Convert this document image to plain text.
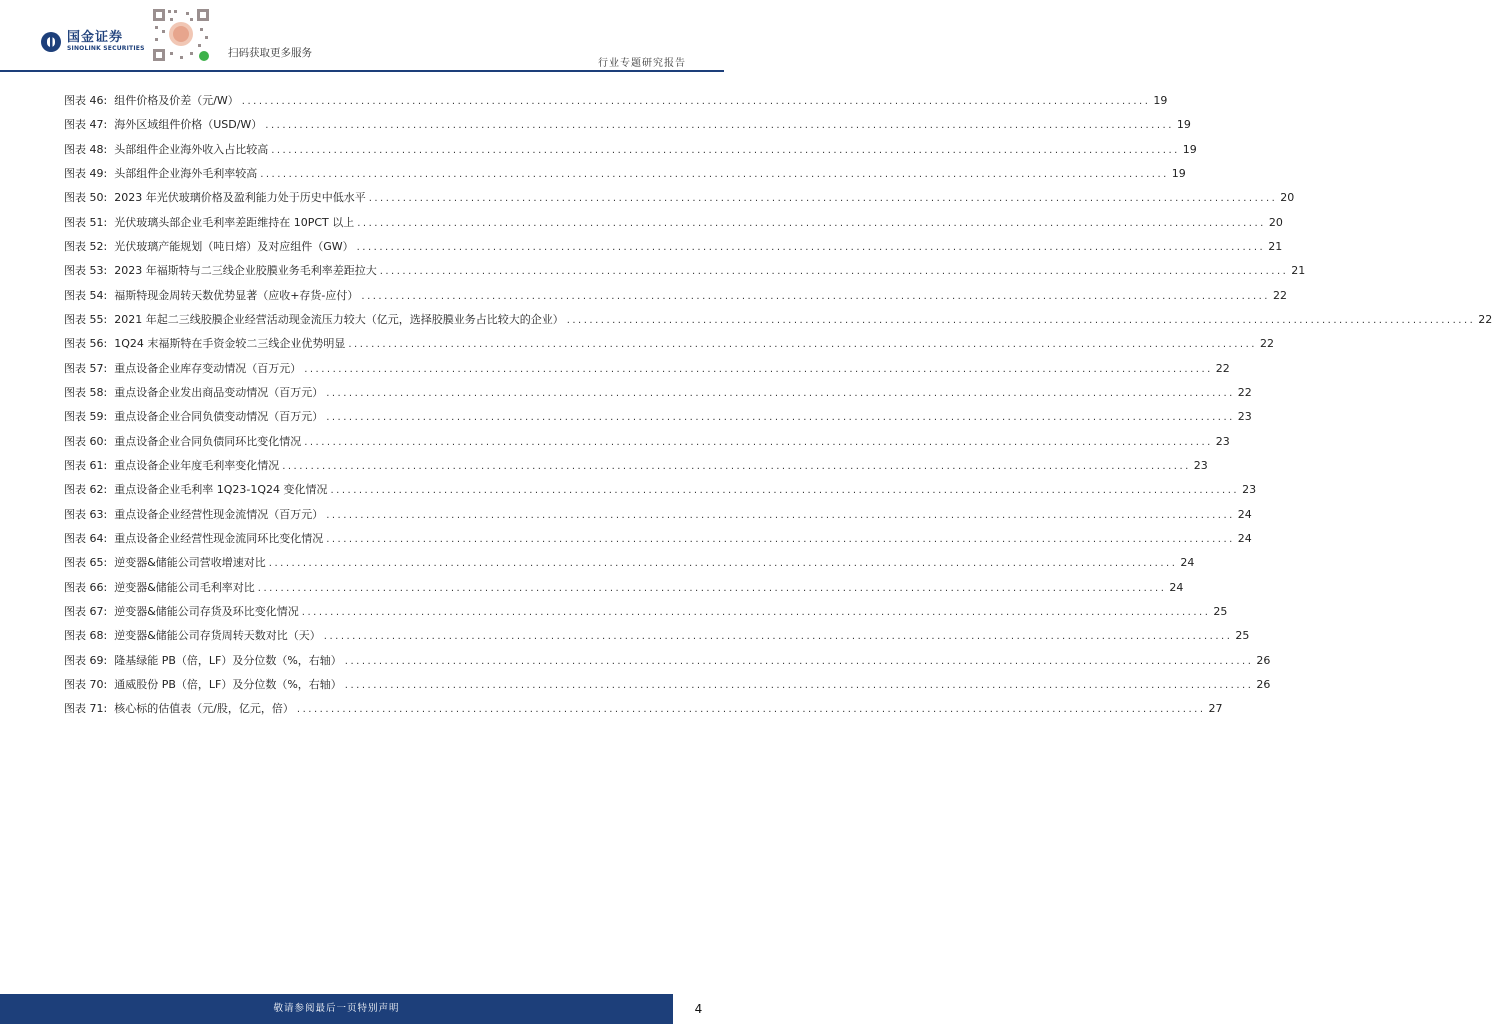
国金证券
SINOLINK SECURITIES	扫码获取更多服务
行业专题研究报告
图表 46: 组件价格及价差（元/W） ................................................................................................................................................................ 19
图表 47: 海外区域组件价格（USD/W） ................................................................................................................................................................ 19
图表 48: 头部组件企业海外收入占比较高 ................................................................................................................................................................ 19
图表 49: 头部组件企业海外毛利率较高 ................................................................................................................................................................ 19
图表 50: 2023 年光伏玻璃价格及盈利能力处于历史中低水平 ................................................................................................................................................................ 20
图表 51: 光伏玻璃头部企业毛利率差距维持在 10PCT 以上 ................................................................................................................................................................ 20
图表 52: 光伏玻璃产能规划（吨日熔）及对应组件（GW） ................................................................................................................................................................ 21
图表 53: 2023 年福斯特与二三线企业胶膜业务毛利率差距拉大 ................................................................................................................................................................ 21
图表 54: 福斯特现金周转天数优势显著（应收+存货-应付） ................................................................................................................................................................ 22
图表 55: 2021 年起二三线胶膜企业经营活动现金流压力较大（亿元，选择胶膜业务占比较大的企业） ................................................................................................................................................................ 22
图表 56: 1Q24 末福斯特在手资金较二三线企业优势明显 ................................................................................................................................................................ 22
图表 57: 重点设备企业库存变动情况（百万元） ................................................................................................................................................................ 22
图表 58: 重点设备企业发出商品变动情况（百万元） ................................................................................................................................................................ 22
图表 59: 重点设备企业合同负债变动情况（百万元） ................................................................................................................................................................ 23
图表 60: 重点设备企业合同负债同环比变化情况 ................................................................................................................................................................ 23
图表 61: 重点设备企业年度毛利率变化情况 ................................................................................................................................................................ 23
图表 62: 重点设备企业毛利率 1Q23-1Q24 变化情况 ................................................................................................................................................................ 23
图表 63: 重点设备企业经营性现金流情况（百万元） ................................................................................................................................................................ 24
图表 64: 重点设备企业经营性现金流同环比变化情况 ................................................................................................................................................................ 24
图表 65: 逆变器&储能公司营收增速对比 ................................................................................................................................................................ 24
图表 66: 逆变器&储能公司毛利率对比 ................................................................................................................................................................ 24
图表 67: 逆变器&储能公司存货及环比变化情况 ................................................................................................................................................................ 25
图表 68: 逆变器&储能公司存货周转天数对比（天） ................................................................................................................................................................ 25
图表 69: 隆基绿能 PB（倍，LF）及分位数（%，右轴） ................................................................................................................................................................ 26
图表 70: 通威股份 PB（倍，LF）及分位数（%，右轴） ................................................................................................................................................................ 26
图表 71: 核心标的估值表（元/股，亿元，倍） ................................................................................................................................................................ 27
敬请参阅最后一页特别声明	4
